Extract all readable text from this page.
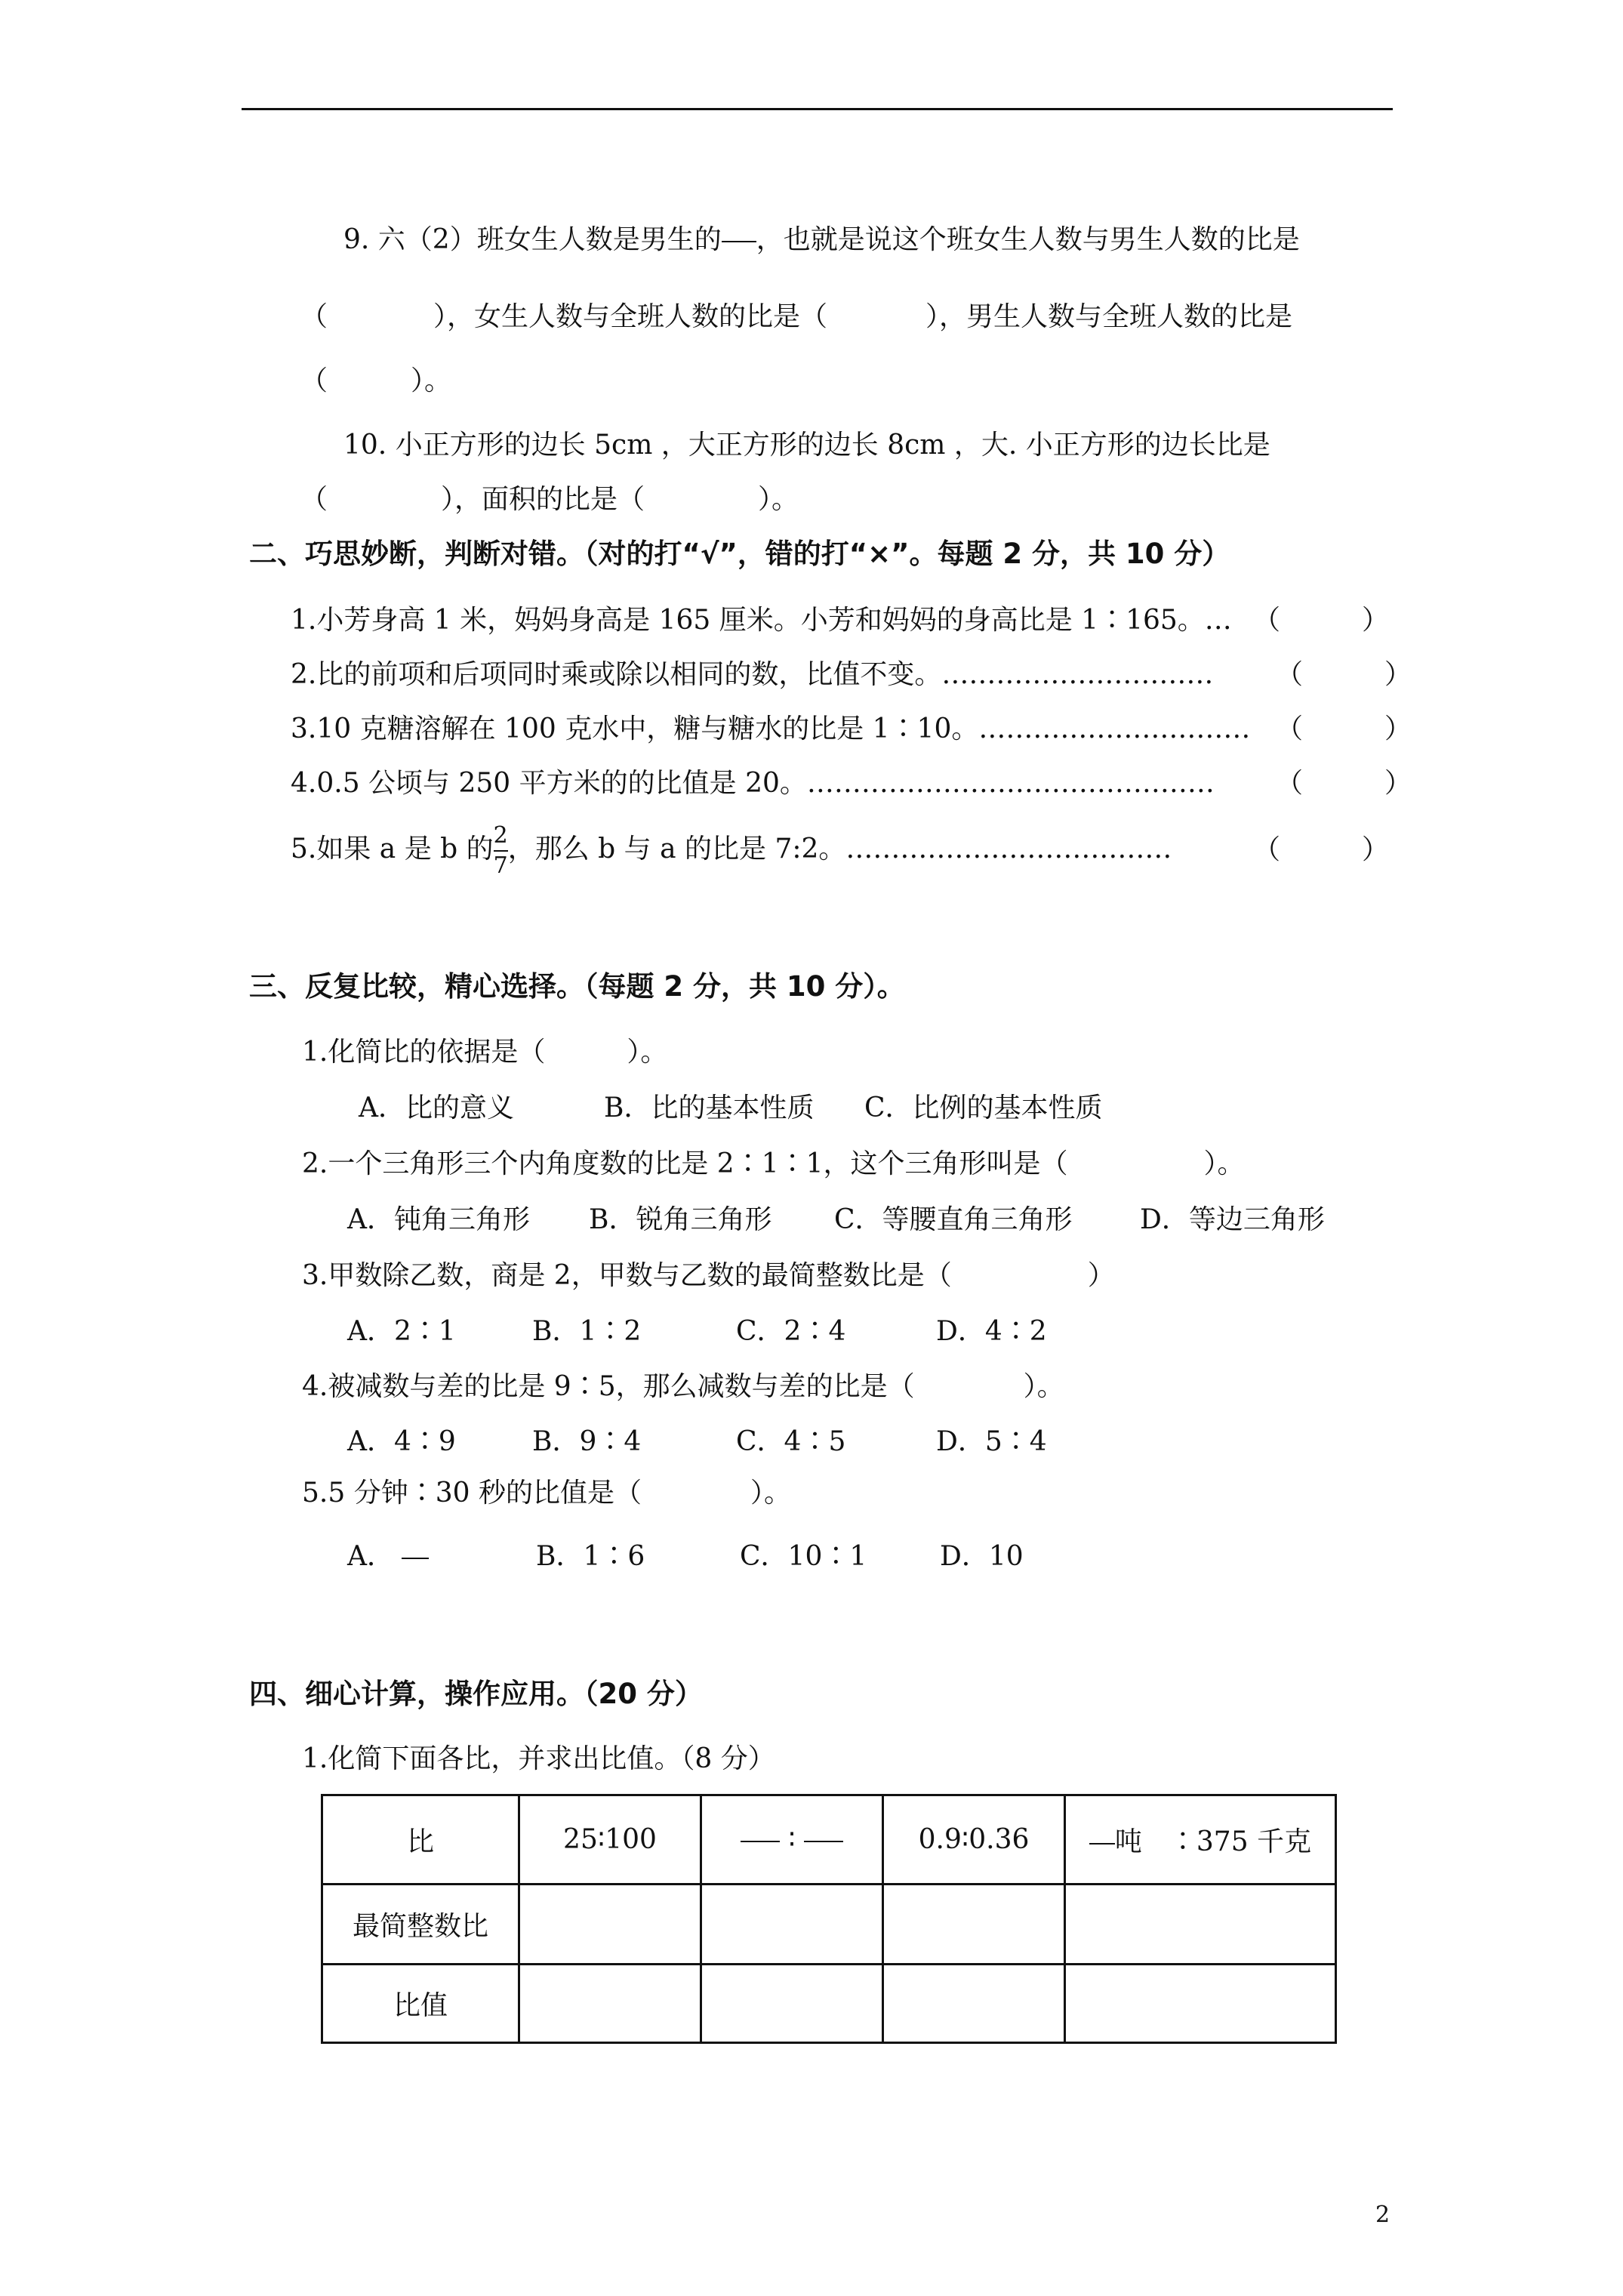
9. 六（2）班女生人数是男生的 ，也就是说这个班女生人数与男生人数的比是
（	），女生人数与全班人数的比是（	），男生人数与全班人数的比是
（	）。
10. 小正方形的边长 5cm ，大正方形的边长 8cm ，大. 小正方形的边长比是
（	），面积的比是（	）。
二、巧思妙断，判断对错。（对的打“√”，错的打“×”。每题 2 分，共 10 分）
1.小芳身高 1 米，妈妈身高是 165 厘米。小芳和妈妈的身高比是 1∶165。… （　　　）
2.比的前项和后项同时乘或除以相同的数，比值不变。………………………… （　　　）
3.10 克糖溶解在 100 克水中，糖与糖水的比是 1∶10。………………………… （　　　）
4.0.5 公顷与 250 平方米的的比值是 20。……………………………………… （　　　）
5.如果 a 是 b 的 $\frac{2}{7}$ ，那么 b 与 a 的比是 7:2。………………………………	（　　　）
三、反复比较，精心选择。（每题 2 分，共 10 分）。
1.化简比的依据是（　　　）。
A．比的意义	B．比的基本性质 C．比例的基本性质
2.一个三角形三个内角度数的比是 2∶1∶1，这个三角形叫是（　　　　　）。
A．钝角三角形 B．锐角三角形 C．等腰直角三角形 D．等边三角形
3.甲数除乙数，商是 2，甲数与乙数的最简整数比是（　　　　　）
A．2∶1	B．1∶2	C．2∶4	D．4∶2
4.被减数与差的比是 9∶5，那么减数与差的比是（　　　　）。
A．4∶9	B．9∶4	C．4∶5	D．5∶4
5.5 分钟∶30 秒的比值是（　　　　）。
A．	B．1∶6	C．10∶1	D．10
四、细心计算，操作应用。（20 分）
1.化简下面各比，并求出比值。（8 分）
比	25∶100	∶	0.9∶0.36	吨　∶375 千克
最简整数比				
比值				
2
